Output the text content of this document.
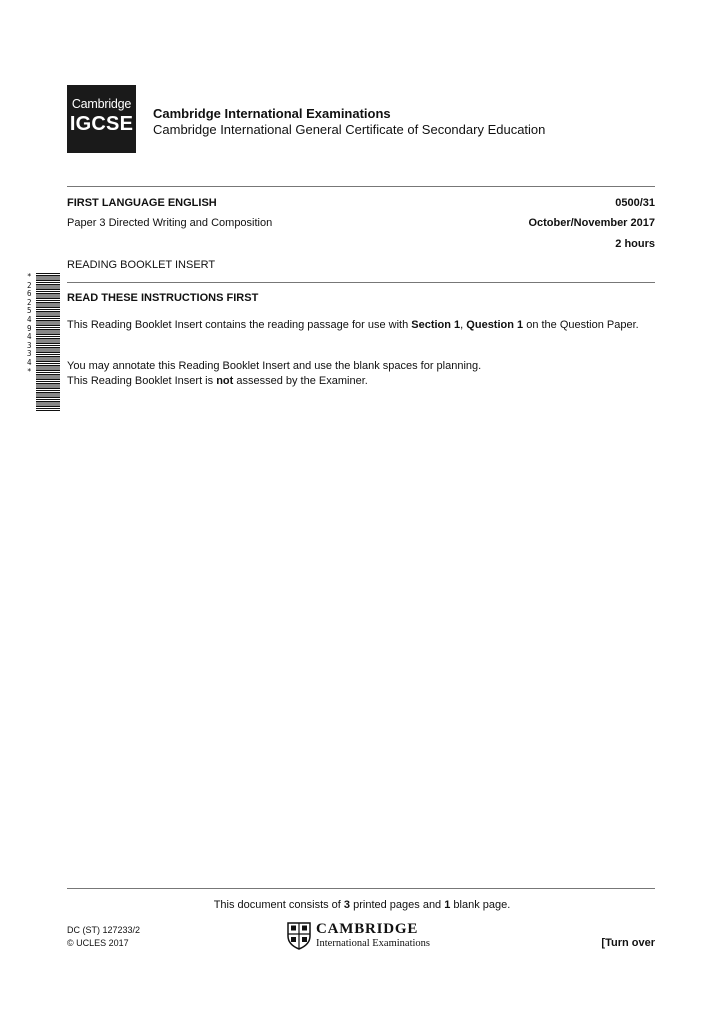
Cambridge
IGCSE Cambridge International Examinations
Cambridge International General Certificate of Secondary Education
FIRST LANGUAGE ENGLISH	0500/31
Paper 3 Directed Writing and Composition	October/November 2017
2 hours
READING BOOKLET INSERT
*2625494334*
READ THESE INSTRUCTIONS FIRST
This Reading Booklet Insert contains the reading passage for use with Section 1, Question 1 on the Question Paper.
You may annotate this Reading Booklet Insert and use the blank spaces for planning.
This Reading Booklet Insert is not assessed by the Examiner.
This document consists of 3 printed pages and 1 blank page.
DC (ST) 127233/2
© UCLES 2017
CAMBRIDGE
International Examinations	[Turn over
